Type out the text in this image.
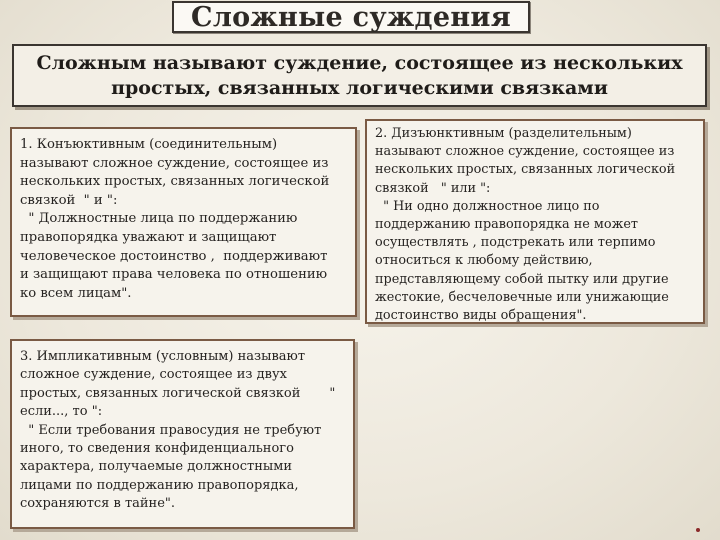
Сложные суждения
Сложным называют суждение, состоящее из нескольких простых, связанных логическими связками
1. Конъюктивным (соединительным)
называют сложное суждение, состоящее из
нескольких простых, связанных логической
связкой  " и ":
" Должностные лица по поддержанию
правопорядка уважают и защищают
человеческое достоинство ,  поддерживают
и защищают права человека по отношению
ко всем лицам".
2. Дизъюнктивным (разделительным)
называют сложное суждение, состоящее из
нескольких простых, связанных логической
связкой   " или ":
" Ни одно должностное лицо по
поддержанию правопорядка не может
осуществлять , подстрекать или терпимо
относиться к любому действию,
представляющему собой пытку или другие
жестокие, бесчеловечные или унижающие
достоинство виды обращения".
3. Импликативным (условным) называют
сложное суждение, состоящее из двух
простых, связанных логической связкой       "
если..., то ":
" Если требования правосудия не требуют
иного, то сведения конфиденциального
характера, получаемые должностными
лицами по поддержанию правопорядка,
сохраняются в тайне".
